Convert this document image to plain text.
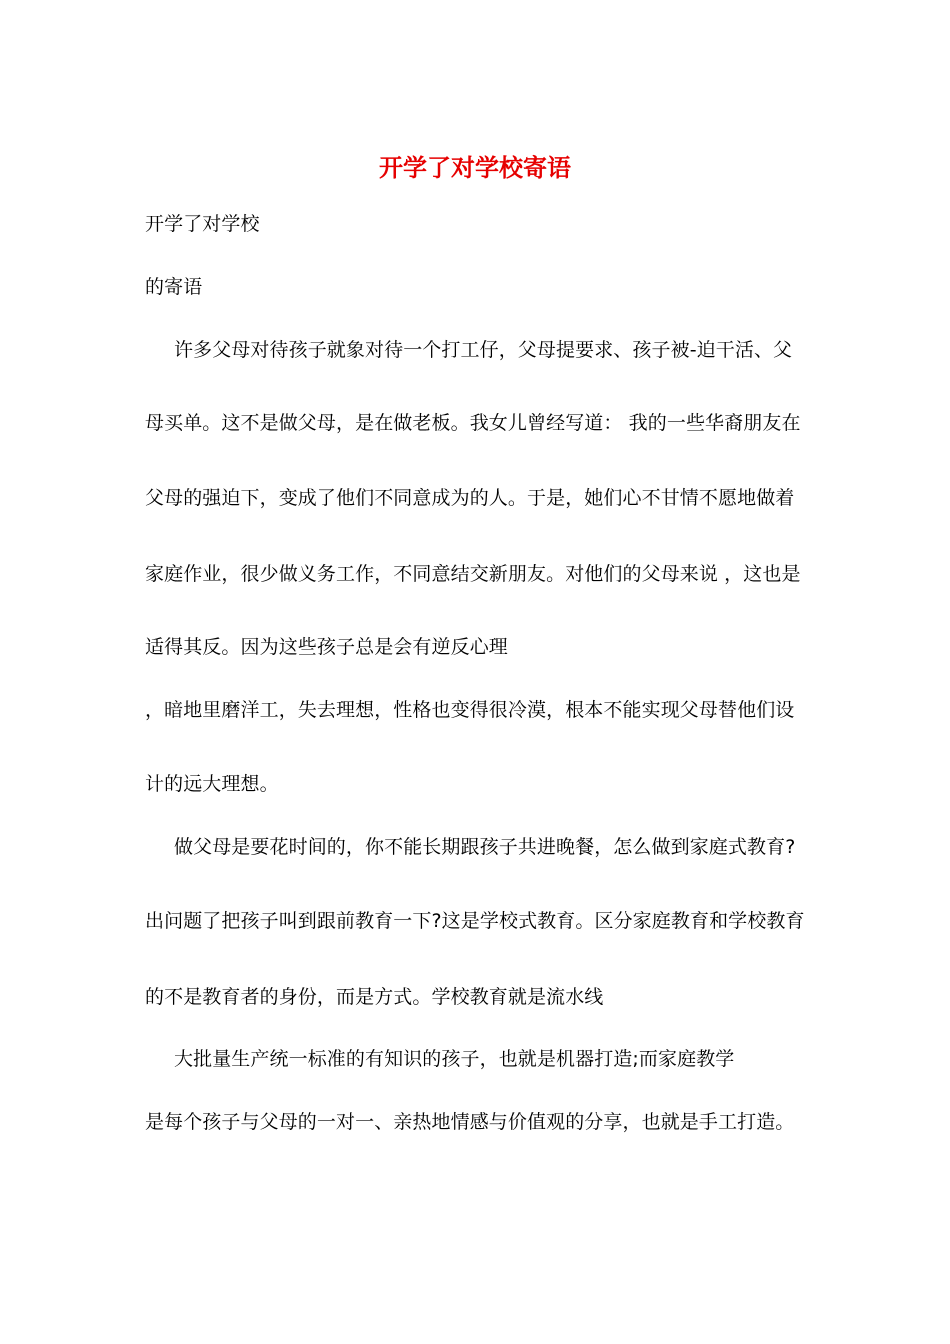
开学了对学校寄语
开学了对学校
的寄语
许多父母对待孩子就象对待一个打工仔，父母提要求、孩子被-迫干活、父
母买单。这不是做父母，是在做老板。我女儿曾经写道： 我的一些华裔朋友在
父母的强迫下，变成了他们不同意成为的人。于是，她们心不甘情不愿地做着
家庭作业，很少做义务工作，不同意结交新朋友。对他们的父母来说 ，这也是
适得其反。因为这些孩子总是会有逆反心理
，暗地里磨洋工，失去理想，性格也变得很冷漠，根本不能实现父母替他们设
计的远大理想。
做父母是要花时间的，你不能长期跟孩子共进晚餐，怎么做到家庭式教育?
出问题了把孩子叫到跟前教育一下?这是学校式教育。区分家庭教育和学校教育
的不是教育者的身份，而是方式。学校教育就是流水线
大批量生产统一标准的有知识的孩子，也就是机器打造;而家庭教学
是每个孩子与父母的一对一、亲热地情感与价值观的分享，也就是手工打造。
